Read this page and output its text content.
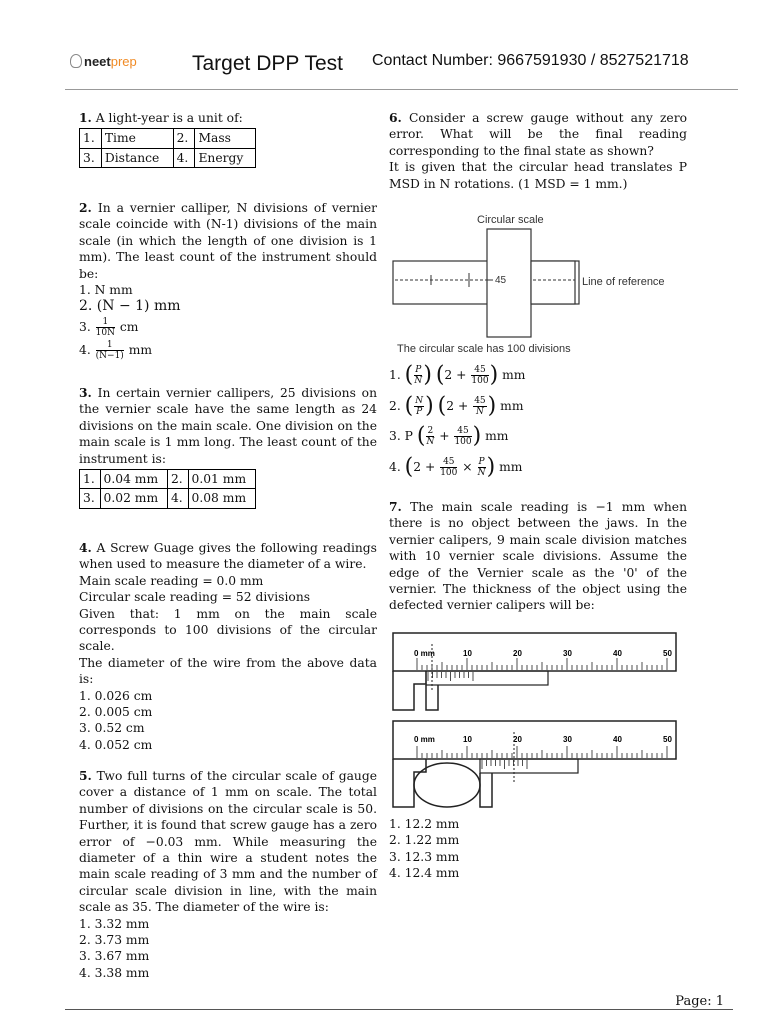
neetprep	Target DPP Test Contact Number: 9667591930 / 8527521718
1. A light-year is a unit of:
1.	Time	2.	Mass
3.	Distance	4.	Energy
2. In a vernier calliper, N divisions of vernier scale coincide with (N-1) divisions of the main scale (in which the length of one division is 1 mm). The least count of the instrument should be:
1. N mm
2. (N − 1) mm
3. $\frac{1}{10N}$ cm
4. $\frac{1}{(N-1)}$ mm
3. In certain vernier callipers, 25 divisions on the vernier scale have the same length as 24 divisions on the main scale. One division on the main scale is 1 mm long. The least count of the instrument is:
1.	0.04 mm	2.	0.01 mm
3.	0.02 mm	4.	0.08 mm
4. A Screw Guage gives the following readings when used to measure the diameter of a wire.
Main scale reading = 0.0 mm
Circular scale reading = 52 divisions
Given that: 1 mm on the main scale corresponds to 100 divisions of the circular scale.
The diameter of the wire from the above data is:
1. 0.026 cm
2. 0.005 cm
3. 0.52 cm
4. 0.052 cm
5. Two full turns of the circular scale of gauge cover a distance of 1 mm on scale. The total number of divisions on the circular scale is 50. Further, it is found that screw gauge has a zero error of −0.03 mm. While measuring the diameter of a thin wire a student notes the main scale reading of 3 mm and the number of circular scale division in line, with the main scale as 35. The diameter of the wire is:
1. 3.32 mm
2. 3.73 mm
3. 3.67 mm
4. 3.38 mm
6. Consider a screw gauge without any zero error. What will be the final reading corresponding to the final state as shown?
It is given that the circular head translates P MSD in N rotations. (1 MSD = 1 mm.)
Circular scale
45	Line of reference
The circular scale has 100 divisions
1. ( $\frac{P}{N}$ ) ($2 + \frac{45}{100}$ ) mm
2. ( $\frac{N}{P}$ ) ($2 + \frac{45}{N}$ ) mm
3. P ( $\frac{2}{N} + \frac{45}{100}$ ) mm
4. ($2 + \frac{45}{100} \times \frac{P}{N}$ ) mm
7. The main scale reading is −1 mm when there is no object between the jaws. In the vernier calipers, 9 main scale division matches with 10 vernier scale divisions. Assume the edge of the Vernier scale as the '0' of the vernier. The thickness of the object using the defected vernier calipers will be:
0 mm	10	20	30	40	50
0 mm	10	20	30	40	50
1. 12.2 mm
2. 1.22 mm
3. 12.3 mm
4. 12.4 mm
Page: 1
